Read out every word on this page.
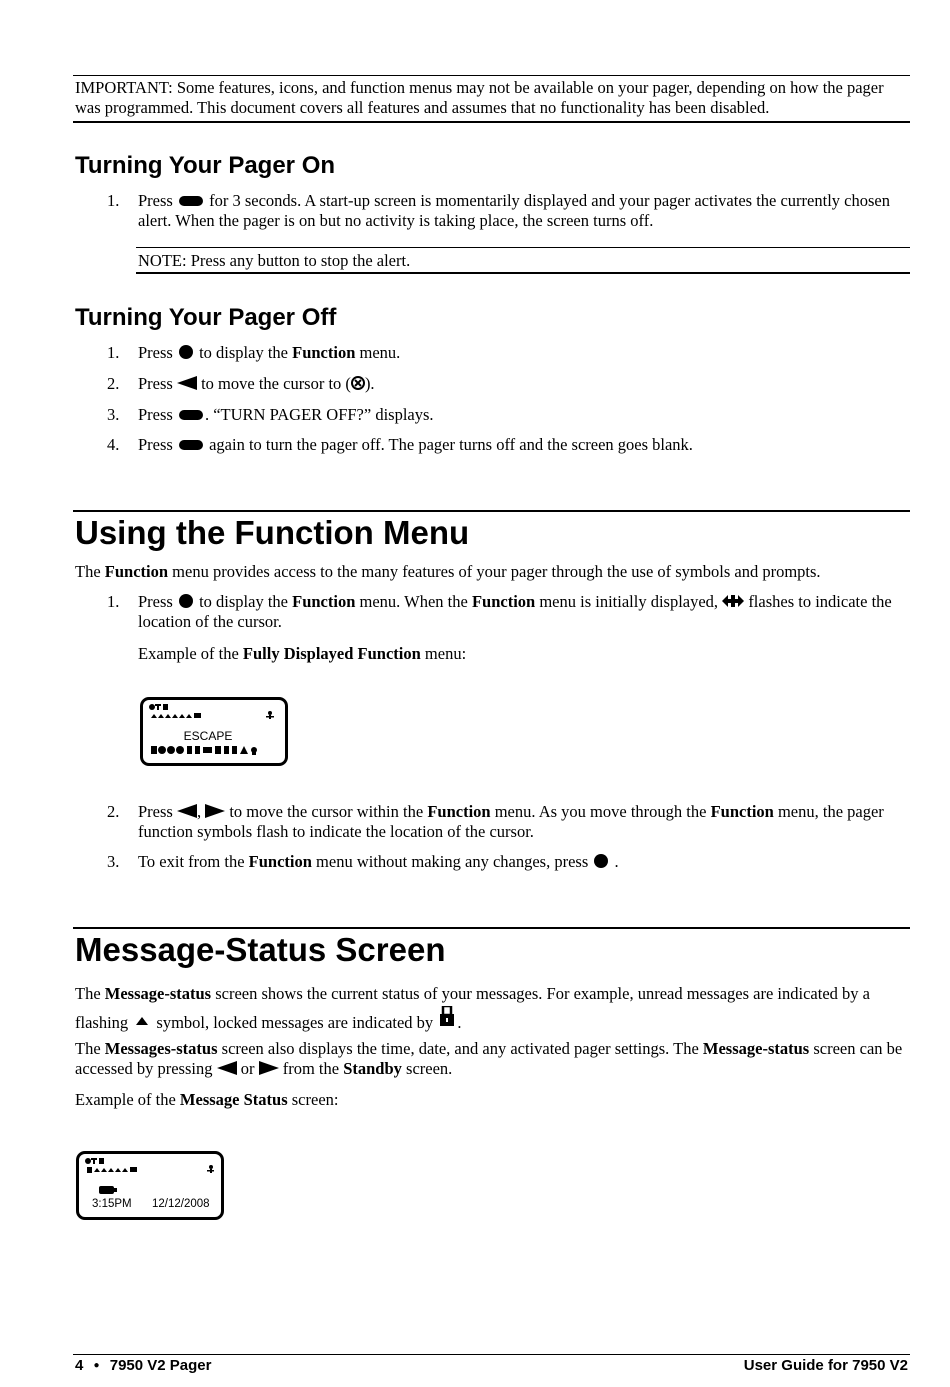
IMPORTANT: Some features, icons, and function menus may not be available on your pager, depending on how the pager was programmed. This document covers all features and assumes that no functionality has been disabled.
Turning Your Pager On
1.	Press for 3 seconds. A start-up screen is momentarily displayed and your pager activates the currently chosen alert. When the pager is on but no activity is taking place, the screen turns off.
NOTE: Press any button to stop the alert.
Turning Your Pager Off
1.	Press to display the Function menu.
2.	Press to move the cursor to ( ).
3.	Press . “TURN PAGER OFF?” displays.
4.	Press again to turn the pager off. The pager turns off and the screen goes blank.
Using the Function Menu
The Function menu provides access to the many features of your pager through the use of symbols and prompts.
1.	Press to display the Function menu. When the Function menu is initially displayed, flashes to indicate the location of the cursor.
Example of the Fully Displayed Function menu:
ESCAPE
2.	Press , to move the cursor within the Function menu. As you move through the Function menu, the pager function symbols flash to indicate the location of the cursor.
3.	To exit from the Function menu without making any changes, press .
Message-Status Screen
The Message-status screen shows the current status of your messages. For example, unread messages are indicated by a flashing symbol, locked messages are indicated by .
The Messages-status screen also displays the time, date, and any activated pager settings. The Message-status screen can be accessed by pressing or from the Standby screen.
Example of the Message Status screen:
3:15PM 12/12/2008
4 ● 7950 V2 Pager	User Guide for 7950 V2
